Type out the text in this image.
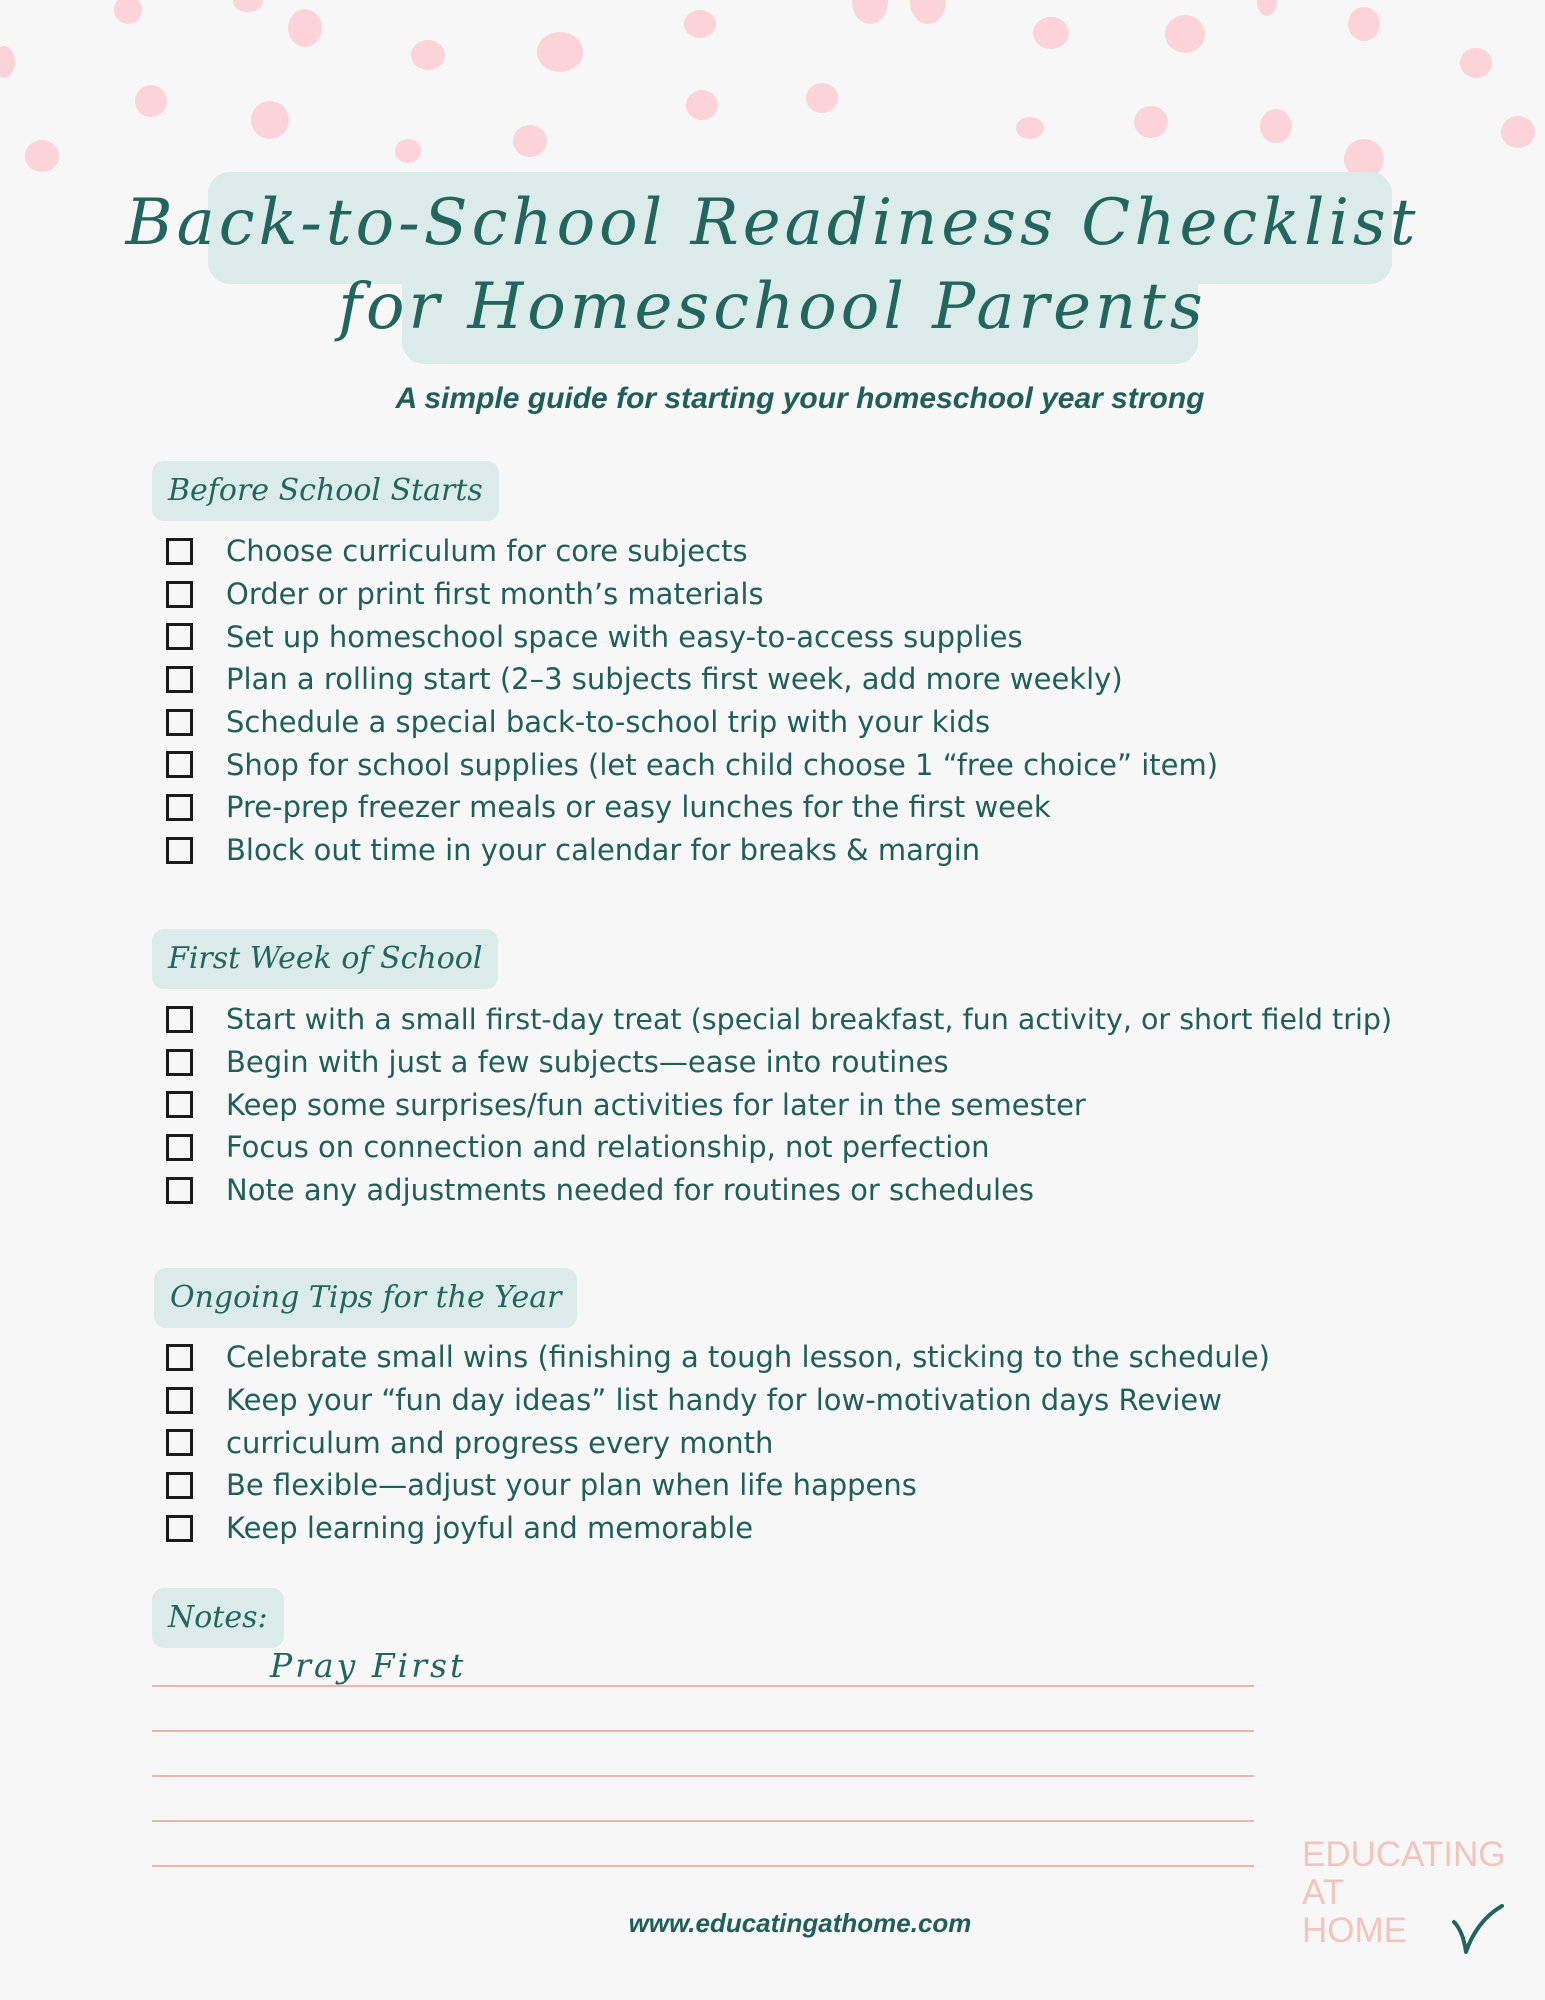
Back-to-School Readiness Checklist
for Homeschool Parents
A simple guide for starting your homeschool year strong
Before School Starts
Choose curriculum for core subjects
Order or print first month’s materials
Set up homeschool space with easy-to-access supplies
Plan a rolling start (2–3 subjects first week, add more weekly)
Schedule a special back-to-school trip with your kids
Shop for school supplies (let each child choose 1 “free choice” item)
Pre-prep freezer meals or easy lunches for the first week
Block out time in your calendar for breaks & margin
First Week of School
Start with a small first-day treat (special breakfast, fun activity, or short field trip)
Begin with just a few subjects—ease into routines
Keep some surprises/fun activities for later in the semester
Focus on connection and relationship, not perfection
Note any adjustments needed for routines or schedules
Ongoing Tips for the Year
Celebrate small wins (finishing a tough lesson, sticking to the schedule)
Keep your “fun day ideas” list handy for low-motivation days Review
curriculum and progress every month
Be flexible—adjust your plan when life happens
Keep learning joyful and memorable
Notes:
Pray First
www.educatingathome.com
EDUCATING
AT
HOME
